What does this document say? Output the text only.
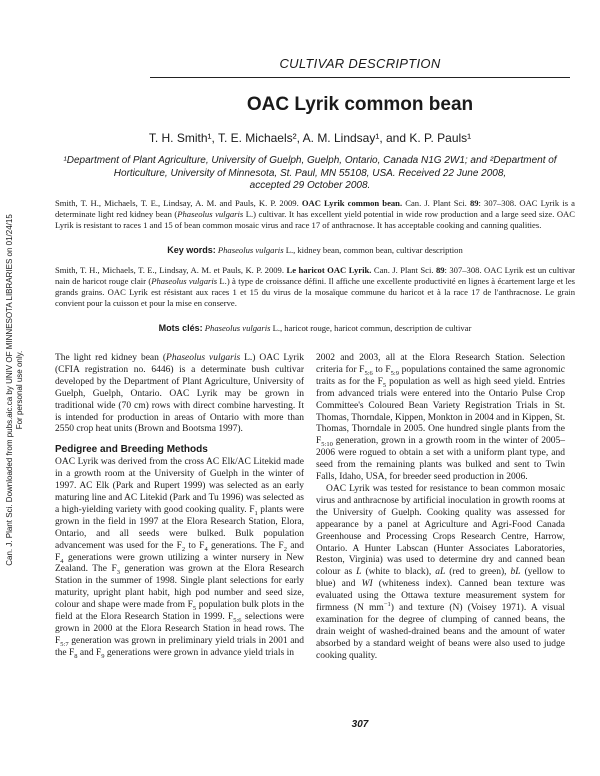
Can. J. Plant Sci. Downloaded from pubs.aic.ca by UNIV OF MINNESOTA LIBRARIES on 01/24/15 For personal use only.
CULTIVAR DESCRIPTION
OAC Lyrik common bean
T. H. Smith¹, T. E. Michaels², A. M. Lindsay¹, and K. P. Pauls¹
¹Department of Plant Agriculture, University of Guelph, Guelph, Ontario, Canada N1G 2W1; and ²Department of
Horticulture, University of Minnesota, St. Paul, MN 55108, USA. Received 22 June 2008,
accepted 29 October 2008.
Smith, T. H., Michaels, T. E., Lindsay, A. M. and Pauls, K. P. 2009. OAC Lyrik common bean. Can. J. Plant Sci. 89: 307–308. OAC Lyrik is a determinate light red kidney bean (Phaseolus vulgaris L.) cultivar. It has excellent yield potential in wide row production and a large seed size. OAC Lyrik is resistant to races 1 and 15 of bean common mosaic virus and race 17 of anthracnose. It has acceptable cooking and canning qualities.
Key words: Phaseolus vulgaris L., kidney bean, common bean, cultivar description
Smith, T. H., Michaels, T. E., Lindsay, A. M. et Pauls, K. P. 2009. Le haricot OAC Lyrik. Can. J. Plant Sci. 89: 307–308. OAC Lyrik est un cultivar nain de haricot rouge clair (Phaseolus vulgaris L.) à type de croissance défini. Il affiche une excellente productivité en lignes à écartement large et les grands grains. OAC Lyrik est résistant aux races 1 et 15 du virus de la mosaïque commune du haricot et à la race 17 de l'anthracnose. Le grain convient pour la cuisson et pour la mise en conserve.
Mots clés: Phaseolus vulgaris L., haricot rouge, haricot commun, description de cultivar

The light red kidney bean (Phaseolus vulgaris L.) OAC Lyrik (CFIA registration no. 6446) is a determinate bush cultivar developed by the Department of Plant Agriculture, University of Guelph, Guelph, Ontario. OAC Lyrik may be grown in traditional wide (70 cm) rows with direct combine harvesting. It is intended for production in areas of Ontario with more than 2550 crop heat units (Brown and Bootsma 1997).

Pedigree and Breeding Methods

OAC Lyrik was derived from the cross AC Elk/AC Litekid made in a growth room at the University of Guelph in the winter of 1997. AC Elk (Park and Rupert 1999) was selected as an early maturing line and AC Litekid (Park and Tu 1996) was selected as a high-yielding variety with good cooking quality. $F_1$ plants were grown in the field in 1997 at the Elora Research Station, Elora, Ontario, and all seeds were bulked. Bulk population advancement was used for the $F_2$ to $F_4$ generations. The $F_2$ and $F_4$ generations were grown utilizing a winter nursery in New Zealand. The $F_3$ generation was grown at the Elora Research Station in the summer of 1998. Single plant selections for early maturity, upright plant habit, high pod number and seed size, colour and shape were made from $F_5$ population bulk plots in the field at the Elora Research Station in 1999. $F_{5:6}$ selections were grown in 2000 at the Elora Research Station in head rows. The $F_{5:7}$ generation was grown in preliminary yield trials in 2001 and the $F_8$ and $F_9$ generations were grown in advance yield trials in

2002 and 2003, all at the Elora Research Station. Selection criteria for $F_{5:6}$ to $F_{5:9}$ populations contained the same agronomic traits as for the $F_5$ population as well as high seed yield. Entries from advanced trials were entered into the Ontario Pulse Crop Committee's Coloured Bean Variety Registration Trials in St. Thomas, Thorndale, Kippen, Monkton in 2004 and in Kippen, St. Thomas, Thorndale in 2005. One hundred single plants from the $F_{5:10}$ generation, grown in a growth room in the winter of 2005–2006 were rogued to obtain a set with a uniform plant type, and seed from the remaining plants was bulked and sent to Twin Falls, Idaho, USA, for breeder seed production in 2006.

OAC Lyrik was tested for resistance to bean common mosaic virus and anthracnose by artificial inoculation in growth rooms at the University of Guelph. Cooking quality was assessed for appearance by a panel at Agriculture and Agri-Food Canada Greenhouse and Processing Crops Research Centre, Harrow, Ontario. A Hunter Labscan (Hunter Associates Laboratories, Reston, Virginia) was used to determine dry and canned bean colour as L (white to black), aL (red to green), bL (yellow to blue) and WI (whiteness index). Canned bean texture was evaluated using the Ottawa texture measurement system for firmness (N $mm^{-1}$) and texture (N) (Voisey 1971). A visual examination for the degree of clumping of canned beans, the drain weight of washed-drained beans and the amount of water absorbed by a standard weight of beans were also used to judge cooking quality.

307
